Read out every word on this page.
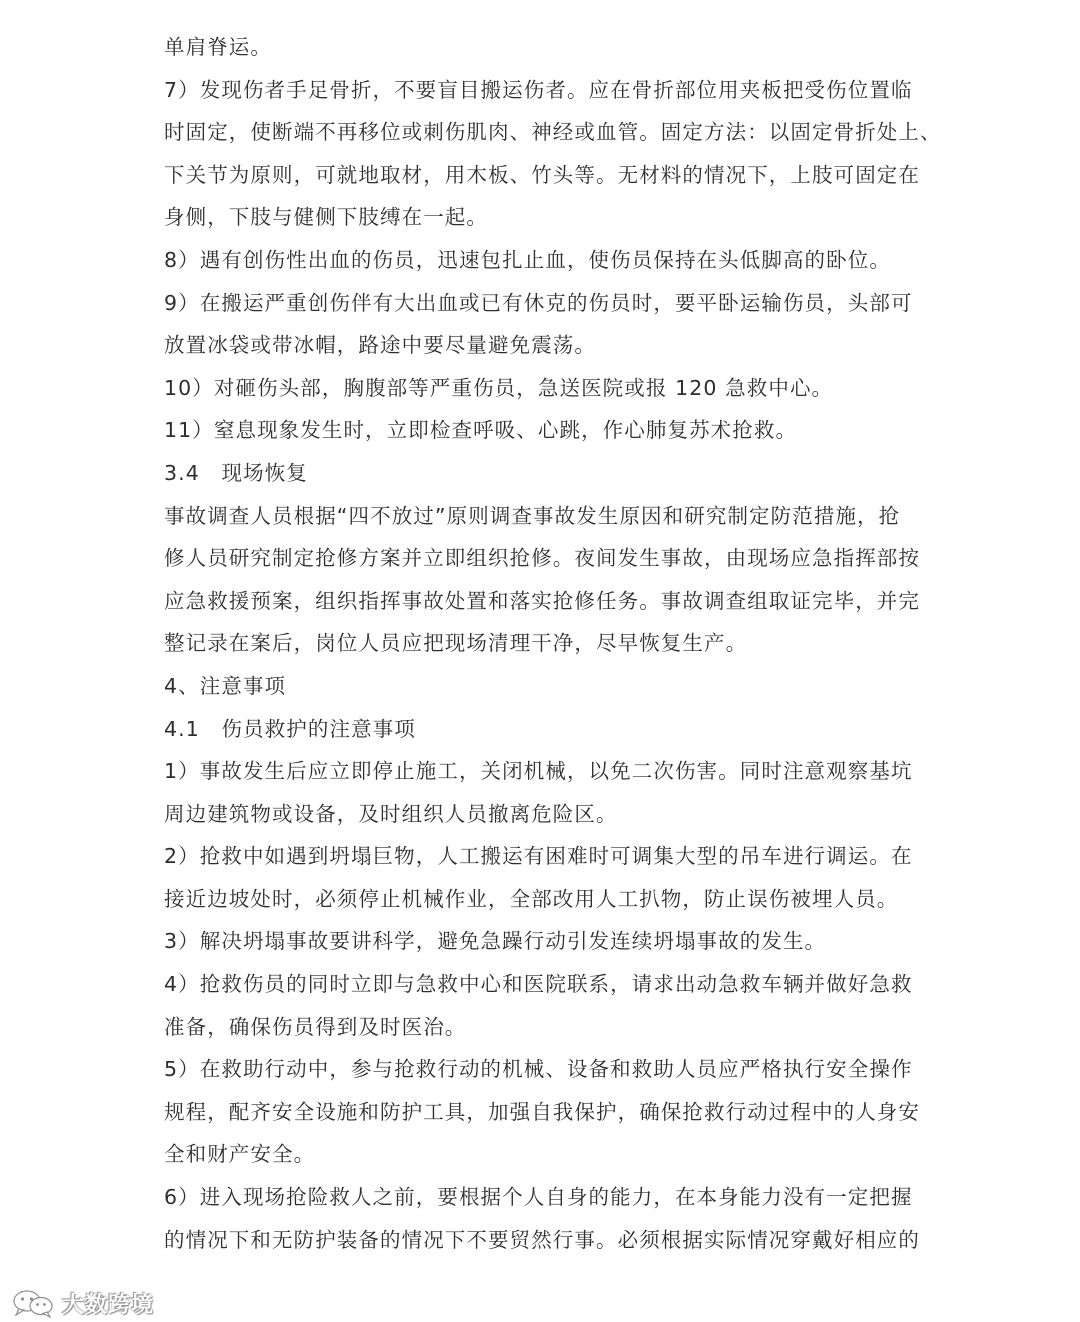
单肩脊运。
7）发现伤者手足骨折，不要盲目搬运伤者。应在骨折部位用夹板把受伤位置临
时固定，使断端不再移位或刺伤肌肉、神经或血管。固定方法：以固定骨折处上、
下关节为原则，可就地取材，用木板、竹头等。无材料的情况下，上肢可固定在
身侧，下肢与健侧下肢缚在一起。
8）遇有创伤性出血的伤员，迅速包扎止血，使伤员保持在头低脚高的卧位。
9）在搬运严重创伤伴有大出血或已有休克的伤员时，要平卧运输伤员，头部可
放置冰袋或带冰帽，路途中要尽量避免震荡。
10）对砸伤头部，胸腹部等严重伤员，急送医院或报 120 急救中心。
11）窒息现象发生时，立即检查呼吸、心跳，作心肺复苏术抢救。
3.4　现场恢复
事故调查人员根据“四不放过”原则调查事故发生原因和研究制定防范措施，抢
修人员研究制定抢修方案并立即组织抢修。夜间发生事故，由现场应急指挥部按
应急救援预案，组织指挥事故处置和落实抢修任务。事故调查组取证完毕，并完
整记录在案后，岗位人员应把现场清理干净，尽早恢复生产。
4、注意事项
4.1　伤员救护的注意事项
1）事故发生后应立即停止施工，关闭机械，以免二次伤害。同时注意观察基坑
周边建筑物或设备，及时组织人员撤离危险区。
2）抢救中如遇到坍塌巨物，人工搬运有困难时可调集大型的吊车进行调运。在
接近边坡处时，必须停止机械作业，全部改用人工扒物，防止误伤被埋人员。
3）解决坍塌事故要讲科学，避免急躁行动引发连续坍塌事故的发生。
4）抢救伤员的同时立即与急救中心和医院联系，请求出动急救车辆并做好急救
准备，确保伤员得到及时医治。
5）在救助行动中，参与抢救行动的机械、设备和救助人员应严格执行安全操作
规程，配齐安全设施和防护工具，加强自我保护，确保抢救行动过程中的人身安
全和财产安全。
6）进入现场抢险救人之前，要根据个人自身的能力，在本身能力没有一定把握
的情况下和无防护装备的情况下不要贸然行事。必须根据实际情况穿戴好相应的
大数跨境
